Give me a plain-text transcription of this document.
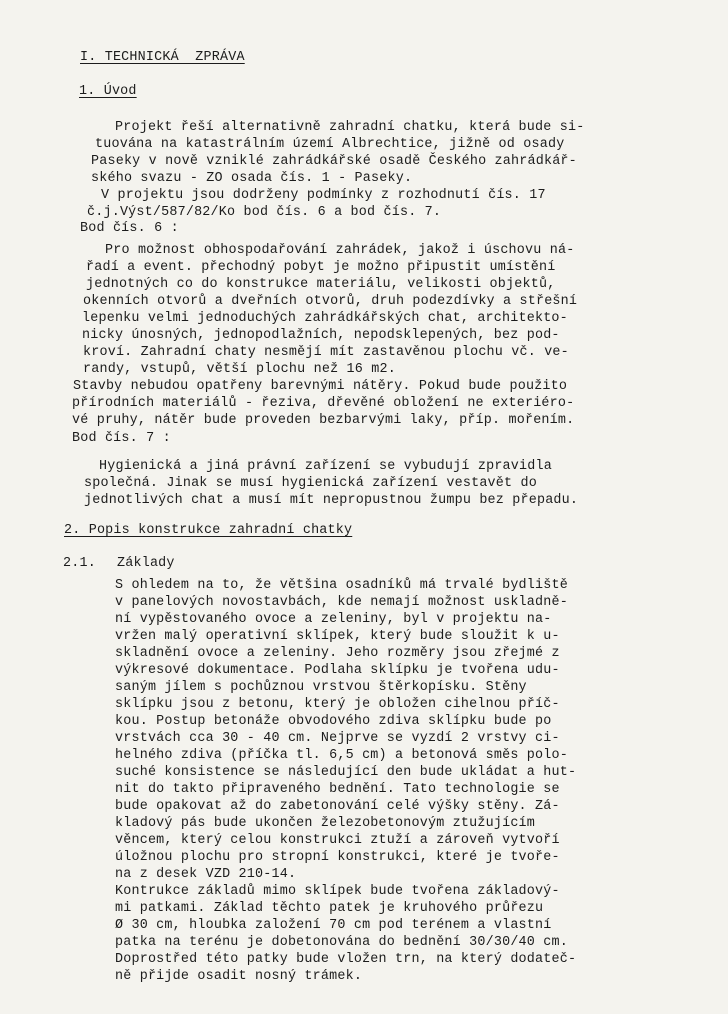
I. TECHNICKÁ  ZPRÁVA

1. Úvod

Projekt řeší alternativně zahradní chatku, která bude si-

tuována na katastrálním území Albrechtice, jižně od osady

Paseky v nově vzniklé zahrádkářské osadě Českého zahrádkář-

ského svazu - ZO osada čís. 1 - Paseky.

V projektu jsou dodrženy podmínky z rozhodnutí čís. 17

č.j.Výst/587/82/Ko bod čís. 6 a bod čís. 7.

Bod čís. 6 :

Pro možnost obhospodařování zahrádek, jakož i úschovu ná-

řadí a event. přechodný pobyt je možno připustit umístění

jednotných co do konstrukce materiálu, velikosti objektů,

okenních otvorů a dveřních otvorů, druh podezdívky a střešní

lepenku velmi jednoduchých zahrádkářských chat, architekto-

nicky únosných, jednopodlažních, nepodsklepených, bez pod-

kroví. Zahradní chaty nesmějí mít zastavěnou plochu vč. ve-

randy, vstupů, větší plochu než 16 m2.

Stavby nebudou opatřeny barevnými nátěry. Pokud bude použito

přírodních materiálů - řeziva, dřevěné obložení ne exteriéro-

vé pruhy, nátěr bude proveden bezbarvými laky, příp. mořením.

Bod čís. 7 :

Hygienická a jiná právní zařízení se vybudují zpravidla

společná. Jinak se musí hygienická zařízení vestavět do

jednotlivých chat a musí mít nepropustnou žumpu bez přepadu.

2. Popis konstrukce zahradní chatky

2.1. Základy

S ohledem na to, že většina osadníků má trvalé bydliště

v panelových novostavbách, kde nemají možnost uskladně-

ní vypěstovaného ovoce a zeleniny, byl v projektu na-

vržen malý operativní sklípek, který bude sloužit k u-

skladnění ovoce a zeleniny. Jeho rozměry jsou zřejmé z

výkresové dokumentace. Podlaha sklípku je tvořena udu-

saným jílem s pochůznou vrstvou štěrkopísku. Stěny

sklípku jsou z betonu, který je obložen cihelnou příč-

kou. Postup betonáže obvodového zdiva sklípku bude po

vrstvách cca 30 - 40 cm. Nejprve se vyzdí 2 vrstvy ci-

helného zdiva (příčka tl. 6,5 cm) a betonová směs polo-

suché konsistence se následující den bude ukládat a hut-

nit do takto připraveného bednění. Tato technologie se

bude opakovat až do zabetonování celé výšky stěny. Zá-

kladový pás bude ukončen železobetonovým ztužujícím

věncem, který celou konstrukci ztuží a zároveň vytvoří

úložnou plochu pro stropní konstrukci, které je tvoře-

na z desek VZD 210-14.

Kontrukce základů mimo sklípek bude tvořena základový-

mi patkami. Základ těchto patek je kruhového průřezu

Ø 30 cm, hloubka založení 70 cm pod terénem a vlastní

patka na terénu je dobetonována do bednění 30/30/40 cm.

Doprostřed této patky bude vložen trn, na který dodateč-

ně přijde osadit nosný trámek.
